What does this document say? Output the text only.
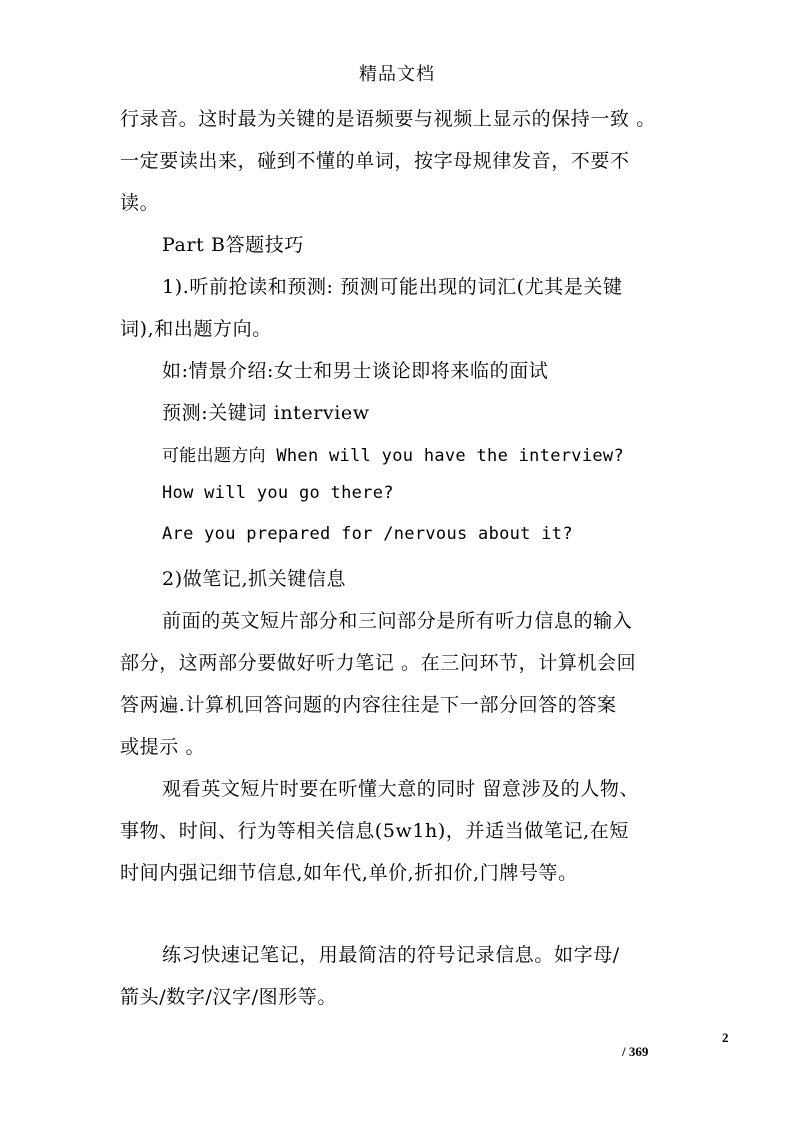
精品文档
行录音。这时最为关键的是语频要与视频上显示的保持一致 。
一定要读出来，碰到不懂的单词，按字母规律发音，不要不
读。
Part B答题技巧
1).听前抢读和预测: 预测可能出现的词汇(尤其是关键
词),和出题方向。
如:情景介绍:女士和男士谈论即将来临的面试
预测:关键词 interview
可能出题方向 When will you have the interview?
How will you go there?
Are you prepared for /nervous about it?
2)做笔记,抓关键信息
前面的英文短片部分和三问部分是所有听力信息的输入
部分，这两部分要做好听力笔记 。在三问环节，计算机会回
答两遍.计算机回答问题的内容往往是下一部分回答的答案
或提示 。
观看英文短片时要在听懂大意的同时 留意涉及的人物、
事物、时间、行为等相关信息(5w1h)，并适当做笔记,在短
时间内强记细节信息,如年代,单价,折扣价,门牌号等。
练习快速记笔记，用最简洁的符号记录信息。如字母/
箭头/数字/汉字/图形等。
2
/ 369
